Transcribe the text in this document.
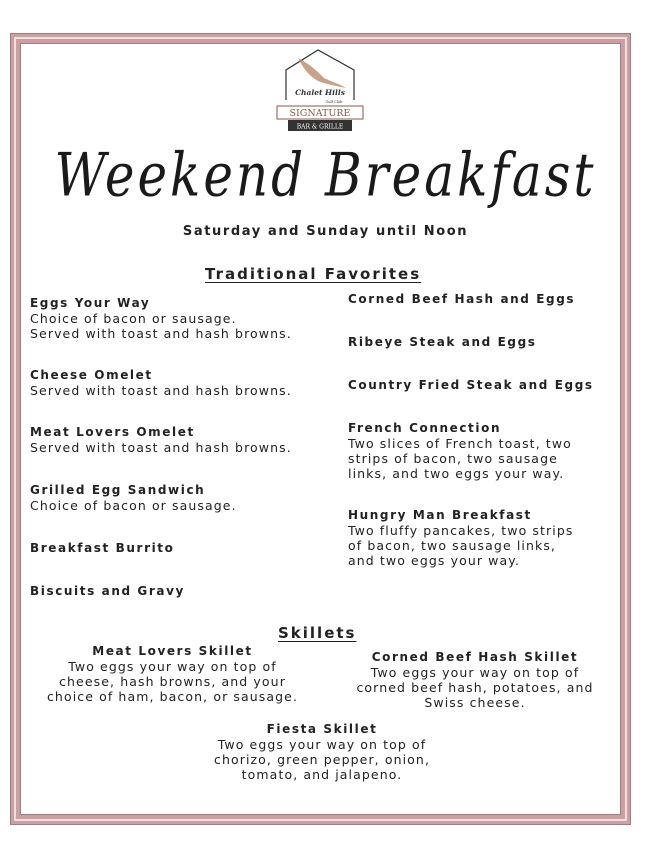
Chalet Hills
Golf Club
SIGNATURE
BAR & GRILLE
Weekend Breakfast
Saturday and Sunday until Noon
Traditional Favorites
Eggs Your Way
Choice of bacon or sausage.
Served with toast and hash browns.
Cheese Omelet
Served with toast and hash browns.
Meat Lovers Omelet
Served with toast and hash browns.
Grilled Egg Sandwich
Choice of bacon or sausage.
Breakfast Burrito
Biscuits and Gravy
Corned Beef Hash and Eggs
Ribeye Steak and Eggs
Country Fried Steak and Eggs
French Connection
Two slices of French toast, two
strips of bacon, two sausage
links, and two eggs your way.
Hungry Man Breakfast
Two fluffy pancakes, two strips
of bacon, two sausage links,
and two eggs your way.
Skillets
Meat Lovers Skillet
Two eggs your way on top of
cheese, hash browns, and your
choice of ham, bacon, or sausage.
Corned Beef Hash Skillet
Two eggs your way on top of
corned beef hash, potatoes, and
Swiss cheese.
Fiesta Skillet
Two eggs your way on top of
chorizo, green pepper, onion,
tomato, and jalapeno.
